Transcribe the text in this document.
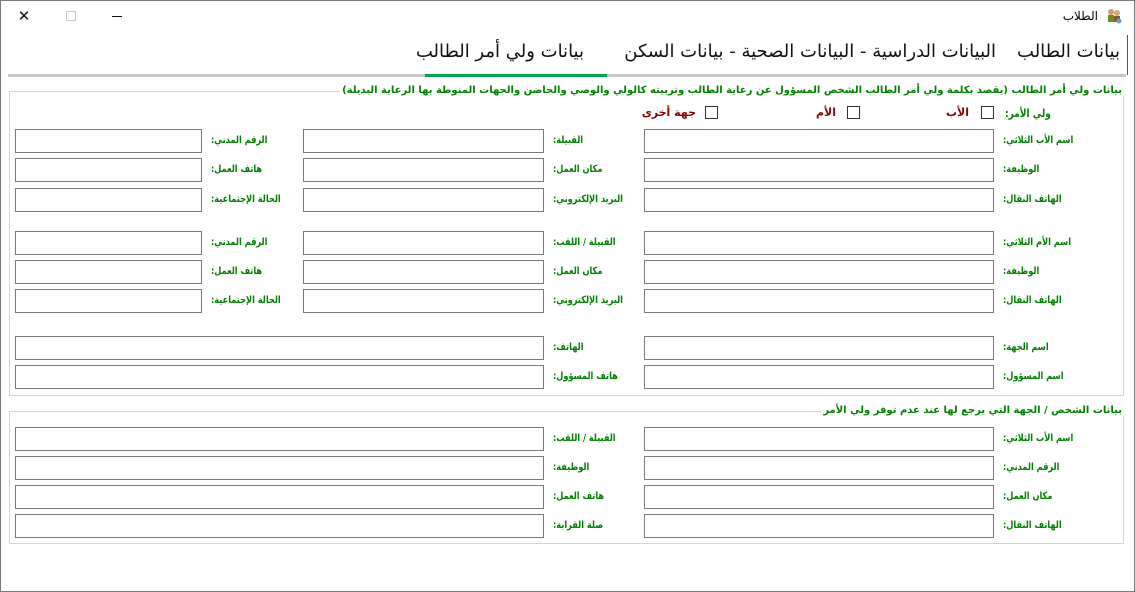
✕	الطلاب
بيانات الطالب
البيانات الدراسية - البيانات الصحية - بيانات السكن
بيانات ولي أمر الطالب
بيانات ولي أمر الطالب (يقصد بكلمة ولي أمر الطالب الشخص المسؤول عن رعاية الطالب وتربيته كالولي والوصي والحاضن والجهات المنوطة بها الرعاية البديلة)
ولي الأمر:
الأب
الأم
جهة أخرى
بيانات الشخص / الجهة التي يرجع لها عند عدم توفر ولي الأمر
اسم الأب الثلاثي:
القبيلة:
الرقم المدني:
الوظيفة:
مكان العمل:
هاتف العمل:
الهاتف النقال:
البريد الإلكتروني:
الحالة الإجتماعية:
اسم الأم الثلاثي:
القبيلة / اللقب:
الرقم المدني:
الوظيفة:
مكان العمل:
هاتف العمل:
الهاتف النقال:
البريد الإلكتروني:
الحالة الإجتماعية:
اسم الجهة:
الهاتف:
اسم المسؤول:
هاتف المسؤول:
اسم الأب الثلاثي:
القبيلة / اللقب:
الرقم المدني:
الوظيفة:
مكان العمل:
هاتف العمل:
الهاتف النقال:
صلة القرابة:
